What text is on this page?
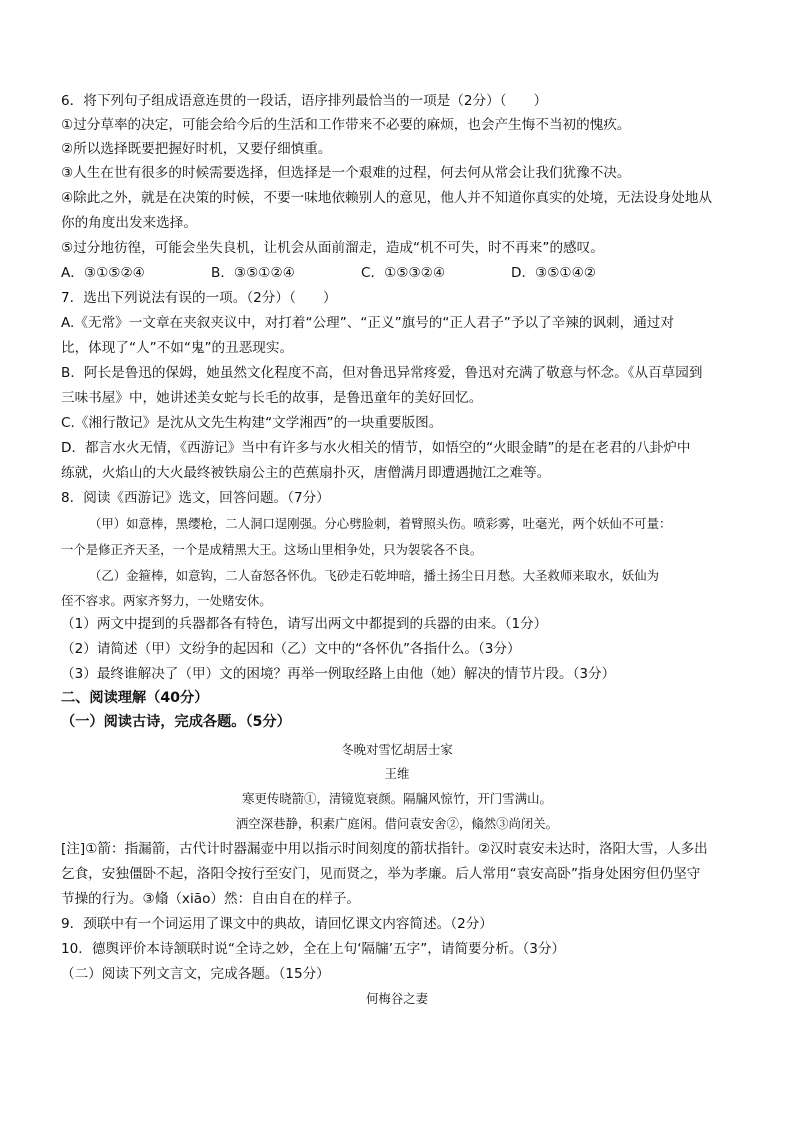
6．将下列句子组成语意连贯的一段话，语序排列最恰当的一项是（2分）（　　）
①过分草率的决定，可能会给今后的生活和工作带来不必要的麻烦，也会产生悔不当初的愧疚。
②所以选择既要把握好时机，又要仔细慎重。
③人生在世有很多的时候需要选择，但选择是一个艰难的过程，何去何从常会让我们犹豫不决。
④除此之外，就是在决策的时候，不要一味地依赖别人的意见，他人并不知道你真实的处境，无法设身处地从
你的角度出发来选择。
⑤过分地彷徨，可能会坐失良机，让机会从面前溜走，造成“机不可失，时不再来”的感叹。
A．③①⑤②④	B．③⑤①②④	C．①⑤③②④	D．③⑤①④②
7．选出下列说法有误的一项。（2分）（　　）
A.《无常》一文章在夹叙夹议中，对打着“公理”、“正义”旗号的“正人君子”予以了辛辣的讽刺，通过对
比，体现了“人”不如“鬼”的丑恶现实。
B．阿长是鲁迅的保姆，她虽然文化程度不高，但对鲁迅异常疼爱，鲁迅对充满了敬意与怀念。《从百草园到
三味书屋》中，她讲述美女蛇与长毛的故事，是鲁迅童年的美好回忆。
C.《湘行散记》是沈从文先生构建“文学湘西”的一块重要版图。
D．都言水火无情，《西游记》当中有许多与水火相关的情节，如悟空的“火眼金睛”的是在老君的八卦炉中
练就，火焰山的大火最终被铁扇公主的芭蕉扇扑灭，唐僧满月即遭遇抛江之难等。
8．阅读《西游记》选文，回答问题。（7分）
（甲）如意棒，黑缨枪，二人洞口逞刚强。分心劈脸刺，着臂照头伤。喷彩雾，吐毫光，两个妖仙不可量：
一个是修正齐天圣，一个是成精黑大王。这场山里相争处，只为袈裟各不良。
（乙）金箍棒，如意钩，二人奋怒各怀仇。飞砂走石乾坤暗，播土扬尘日月愁。大圣救师来取水，妖仙为
侄不容求。两家齐努力，一处赌安休。
（1）两文中提到的兵器都各有特色，请写出两文中都提到的兵器的由来。（1分）
（2）请简述（甲）文纷争的起因和（乙）文中的“各怀仇”各指什么。（3分）
（3）最终谁解决了（甲）文的困境？再举一例取经路上由他（她）解决的情节片段。（3分）
二、阅读理解（40分）
（一）阅读古诗，完成各题。（5分）
冬晚对雪忆胡居士家
王维
寒更传晓箭①，清镜览衰颜。隔牖风惊竹，开门雪满山。
洒空深巷静，积素广庭闲。借问袁安舍②，翛然③尚闭关。
[注]①箭：指漏箭，古代计时器漏壶中用以指示时间刻度的箭状指针。②汉时袁安未达时，洛阳大雪，人多出
乞食，安独僵卧不起，洛阳令按行至安门，见而贤之，举为孝廉。后人常用“袁安高卧”指身处困穷但仍坚守
节操的行为。③翛（xiāo）然：自由自在的样子。
9．颈联中有一个词运用了课文中的典故，请回忆课文内容简述。（2分）
10．德舆评价本诗颔联时说“全诗之妙，全在上句‘隔牖’五字”，请简要分析。（3分）
（二）阅读下列文言文，完成各题。（15分）
何梅谷之妻
